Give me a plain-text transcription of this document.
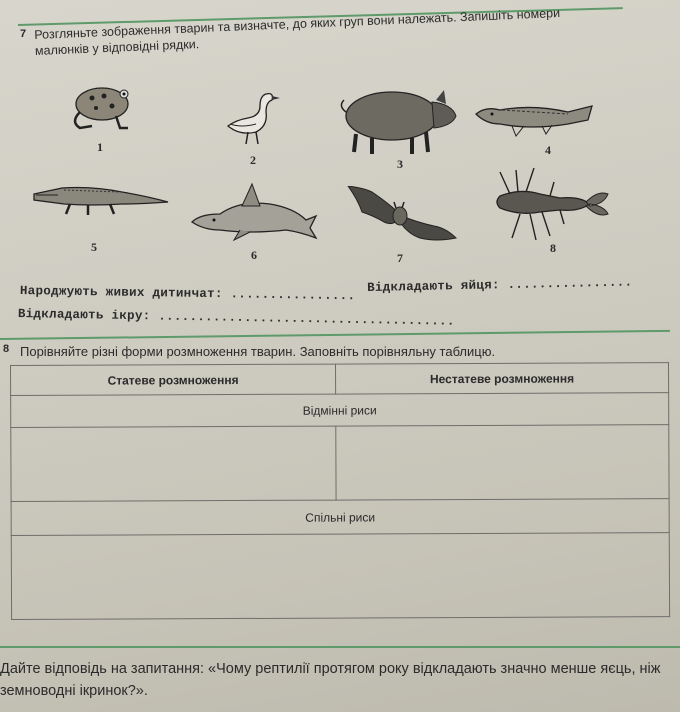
7 Розгляньте зображення тварин та визначте, до яких груп вони належать. Запишіть номери малюнків у відповідні рядки.
1
2	3
4
5
6	7
8
Народжують живих дитинчат: ................
Відкладають яйця: ................
Відкладають ікру: ......................................
8 Порівняйте різні форми розмноження тварин. Заповніть порівняльну таблицю.
Статеве розмноження	Нестатеве розмноження
Відмінні риси	

Спільні риси	

Дайте відповідь на запитання: «Чому рептилії протягом року відкладають значно менше яєць, ніж земноводні ікринок?».
